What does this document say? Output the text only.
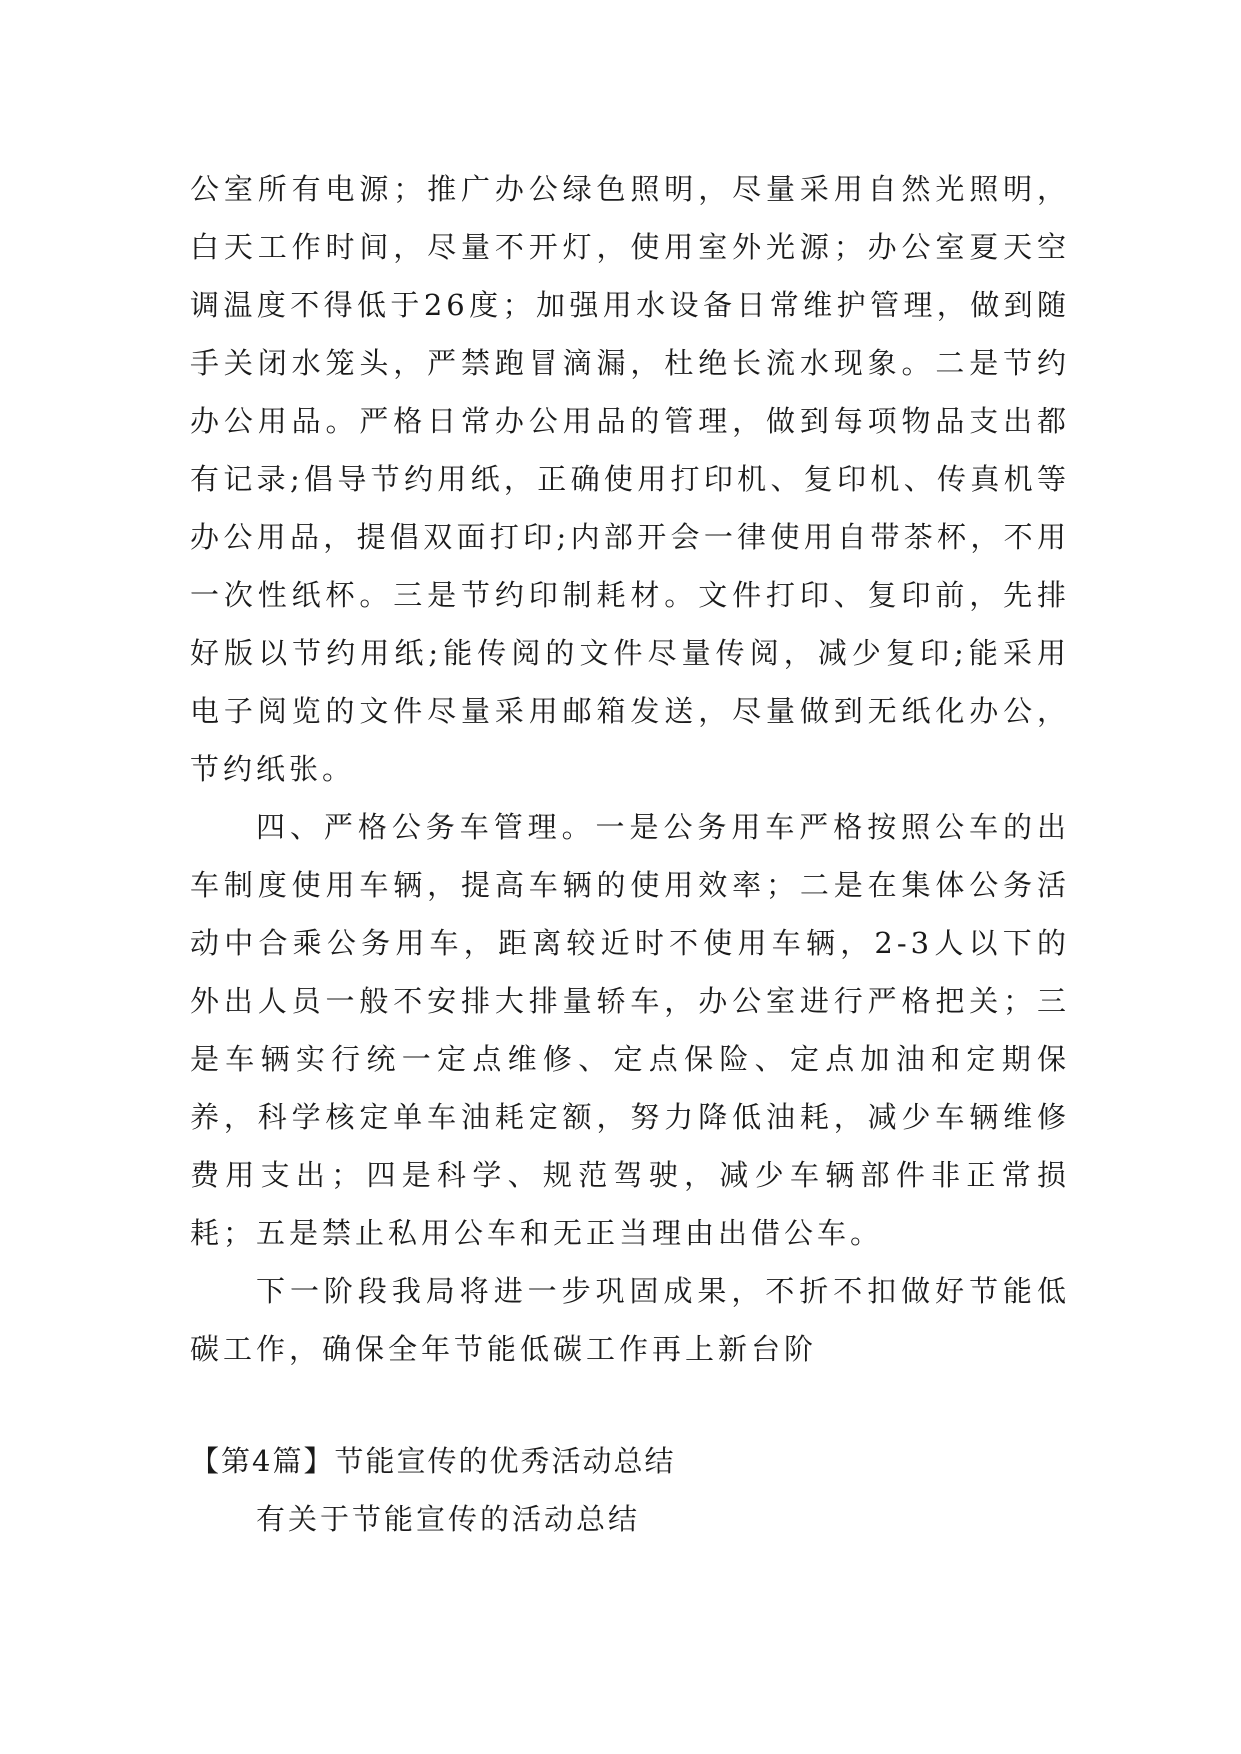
公室所有电源；推广办公绿色照明，尽量采用自然光照明，白天工作时间，尽量不开灯，使用室外光源；办公室夏天空调温度不得低于26度；加强用水设备日常维护管理，做到随手关闭水笼头，严禁跑冒滴漏，杜绝长流水现象。二是节约办公用品。严格日常办公用品的管理，做到每项物品支出都有记录;倡导节约用纸，正确使用打印机、复印机、传真机等办公用品，提倡双面打印;内部开会一律使用自带茶杯，不用一次性纸杯。三是节约印制耗材。文件打印、复印前，先排好版以节约用纸;能传阅的文件尽量传阅，减少复印;能采用电子阅览的文件尽量采用邮箱发送，尽量做到无纸化办公，节约纸张。

四、严格公务车管理。一是公务用车严格按照公车的出车制度使用车辆，提高车辆的使用效率；二是在集体公务活动中合乘公务用车，距离较近时不使用车辆，2-3人以下的外出人员一般不安排大排量轿车，办公室进行严格把关；三是车辆实行统一定点维修、定点保险、定点加油和定期保养，科学核定单车油耗定额，努力降低油耗，减少车辆维修费用支出；四是科学、规范驾驶，减少车辆部件非正常损耗；五是禁止私用公车和无正当理由出借公车。

下一阶段我局将进一步巩固成果，不折不扣做好节能低碳工作，确保全年节能低碳工作再上新台阶

【第4篇】节能宣传的优秀活动总结

有关于节能宣传的活动总结
